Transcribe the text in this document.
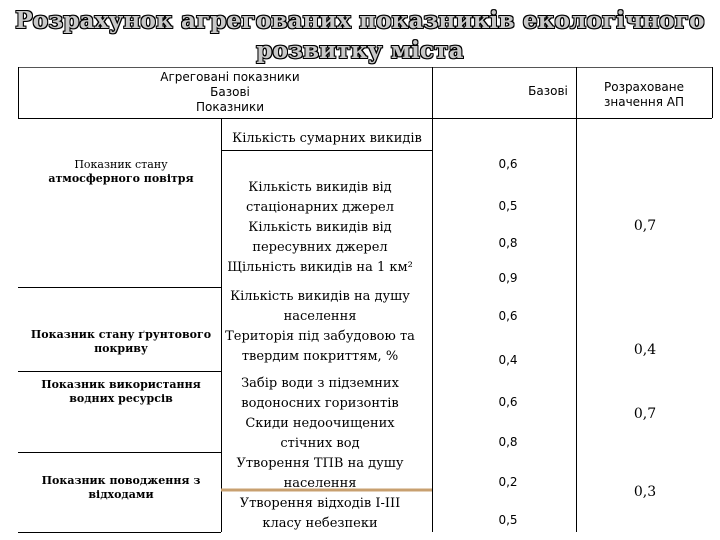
Розрахунок агрегованих показників екологічного
розвитку міста
Агреговані показники
Базові
Показники
Базові	Розраховане
значення АП
Показник стану
атмосферного повітря
Показник стану ґрунтового
покриву
Показник використання
водних ресурсів
Показник поводження з
відходами
Кількість сумарних викидів
Кількість викидів від
стаціонарних джерел
Кількість викидів від
пересувних джерел
Щільність викидів на 1 км²
Кількість викидів на душу
населення
Територія під забудовою та
твердим покриттям, %
Забір води з підземних
водоносних горизонтів
Скиди недоочищених
стічних вод
Утворення ТПВ на душу
населення
Утворення відходів І-ІІІ
класу небезпеки
0,6
0,5
0,8
0,9
0,6
0,4
0,6
0,8
0,2
0,5
0,7
0,4
0,7
0,3
